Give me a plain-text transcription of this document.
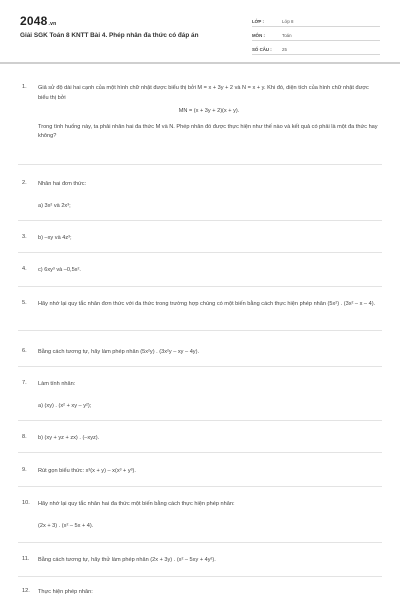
2048.vn
Giải SGK Toán 8 KNTT Bài 4. Phép nhân đa thức có đáp án
LỚP :	Lớp 8
MÔN :	Toán
SỐ CÂU : 25
1. Giả sử độ dài hai cạnh của một hình chữ nhật được biểu thị bởi M = x + 3y + 2 và N = x + y. Khi đó, diện tích của hình chữ nhật được biểu thị bởi

MN = (x + 3y + 2)(x + y).

Trong tình huống này, ta phải nhân hai đa thức M và N. Phép nhân đó được thực hiện như thế nào và kết quả có phải là một đa thức hay không?

2. Nhân hai đơn thức:

a) 3x² và 2x³;

3. b) –xy và 4z³;

4. c) 6xy³ và –0,5x².

5. Hãy nhớ lại quy tắc nhân đơn thức với đa thức trong trường hợp chúng có một biến bằng cách thực hiện phép nhân (5x²) . (3x² – x – 4).

6. Bằng cách tương tự, hãy làm phép nhân (5x²y) . (3x²y – xy – 4y).

7. Làm tính nhân:

a) (xy) . (x² + xy – y²);

8. b) (xy + yz + zx) . (–xyz).

9. Rút gọn biểu thức: x³(x + y) – x(x³ + y³).

10. Hãy nhớ lại quy tắc nhân hai đa thức một biến bằng cách thực hiện phép nhân:

(2x + 3) . (x² – 5x + 4).

11. Bằng cách tương tự, hãy thử làm phép nhân (2x + 3y) . (x² – 5xy + 4y²).

12. Thực hiện phép nhân:
